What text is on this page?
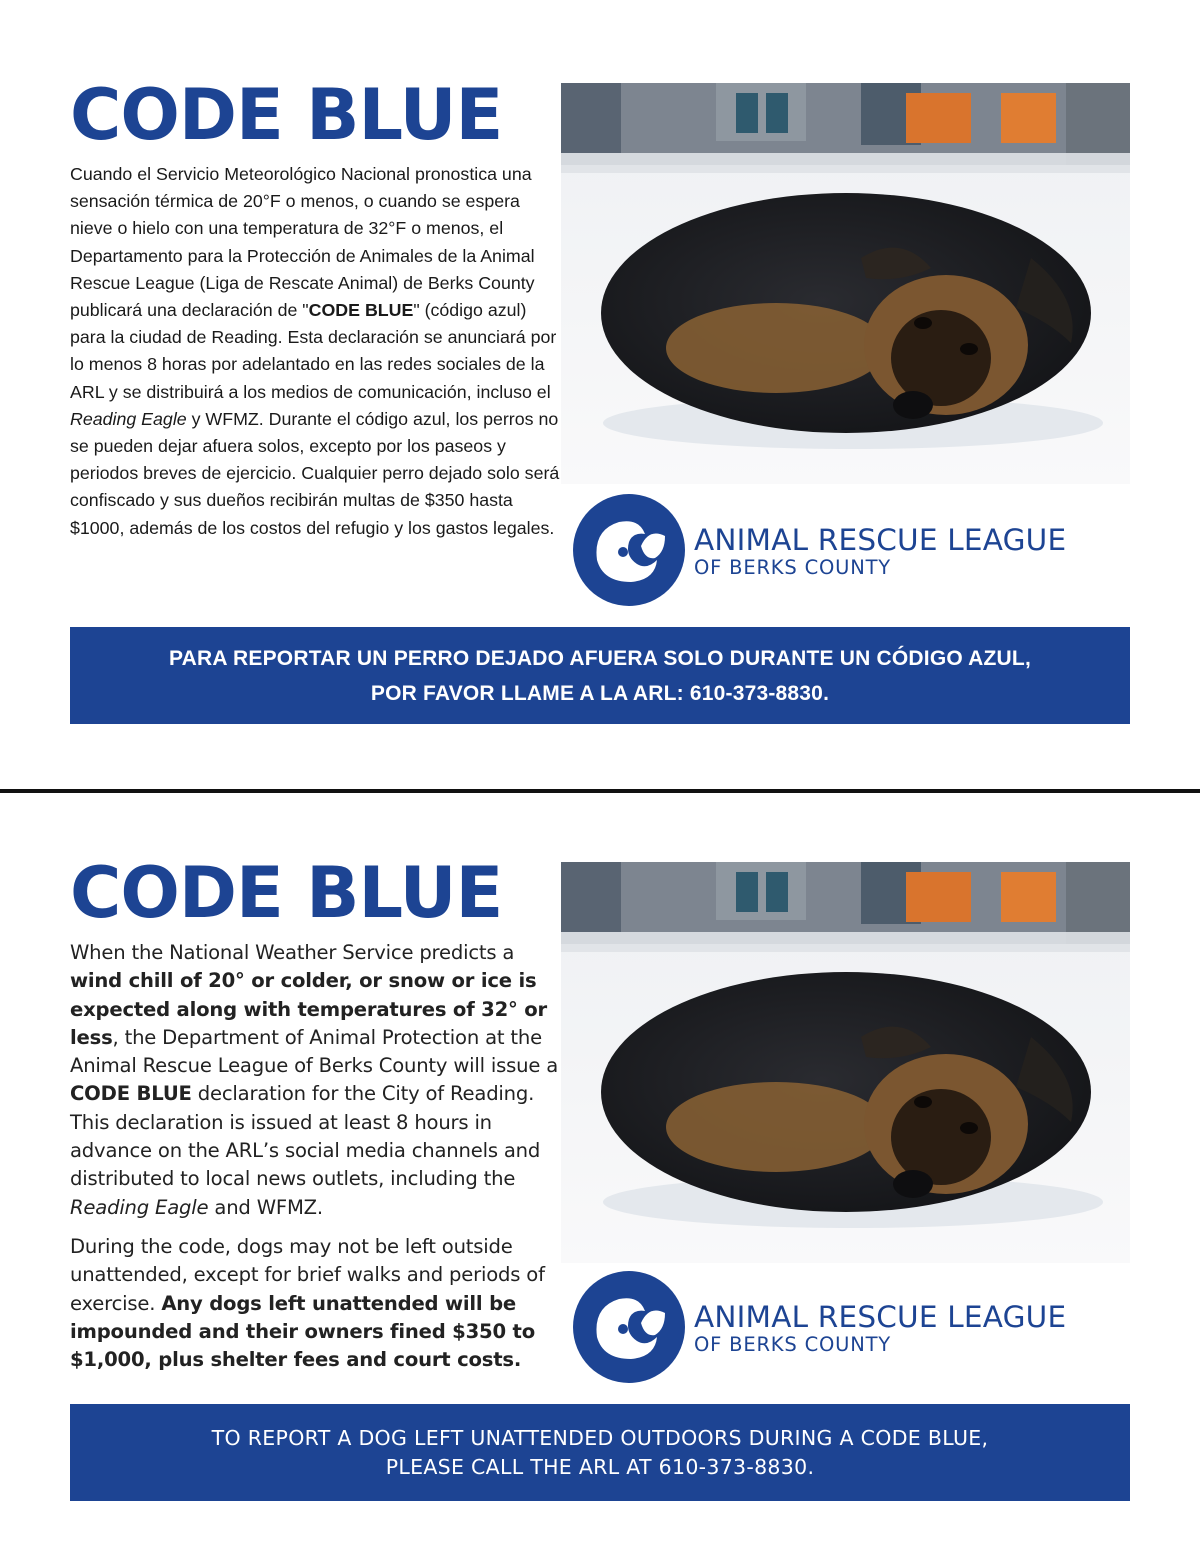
CODE BLUE
Cuando el Servicio Meteorológico Nacional pronostica una sensación térmica de 20°F o menos, o cuando se espera nieve o hielo con una temperatura de 32°F o menos, el Departamento para la Protección de Animales de la Animal Rescue League (Liga de Rescate Animal) de Berks County publicará una declaración de "CODE BLUE" (código azul) para la ciudad de Reading. Esta declaración se anunciará por lo menos 8 horas por adelantado en las redes sociales de la ARL y se distribuirá a los medios de comunicación, incluso el Reading Eagle y WFMZ. Durante el código azul, los perros no se pueden dejar afuera solos, excepto por los paseos y periodos breves de ejercicio. Cualquier perro dejado solo será confiscado y sus dueños recibirán multas de $350 hasta $1000, además de los costos del refugio y los gastos legales.	ANIMAL RESCUE LEAGUE
OF BERKS COUNTY
PARA REPORTAR UN PERRO DEJADO AFUERA SOLO DURANTE UN CÓDIGO AZUL,
POR FAVOR LLAME A LA ARL: 610-373-8830.
CODE BLUE

When the National Weather Service predicts a wind chill of 20° or colder, or snow or ice is expected along with temperatures of 32° or less, the Department of Animal Protection at the Animal Rescue League of Berks County will issue a CODE BLUE declaration for the City of Reading. This declaration is issued at least 8 hours in advance on the ARL’s social media channels and distributed to local news outlets, including the Reading Eagle and WFMZ.

During the code, dogs may not be left outside unattended, except for brief walks and periods of exercise. Any dogs left unattended will be impounded and their owners fined $350 to $1,000, plus shelter fees and court costs.

ANIMAL RESCUE LEAGUE
OF BERKS COUNTY
TO REPORT A DOG LEFT UNATTENDED OUTDOORS DURING A CODE BLUE,
PLEASE CALL THE ARL AT 610-373-8830.
